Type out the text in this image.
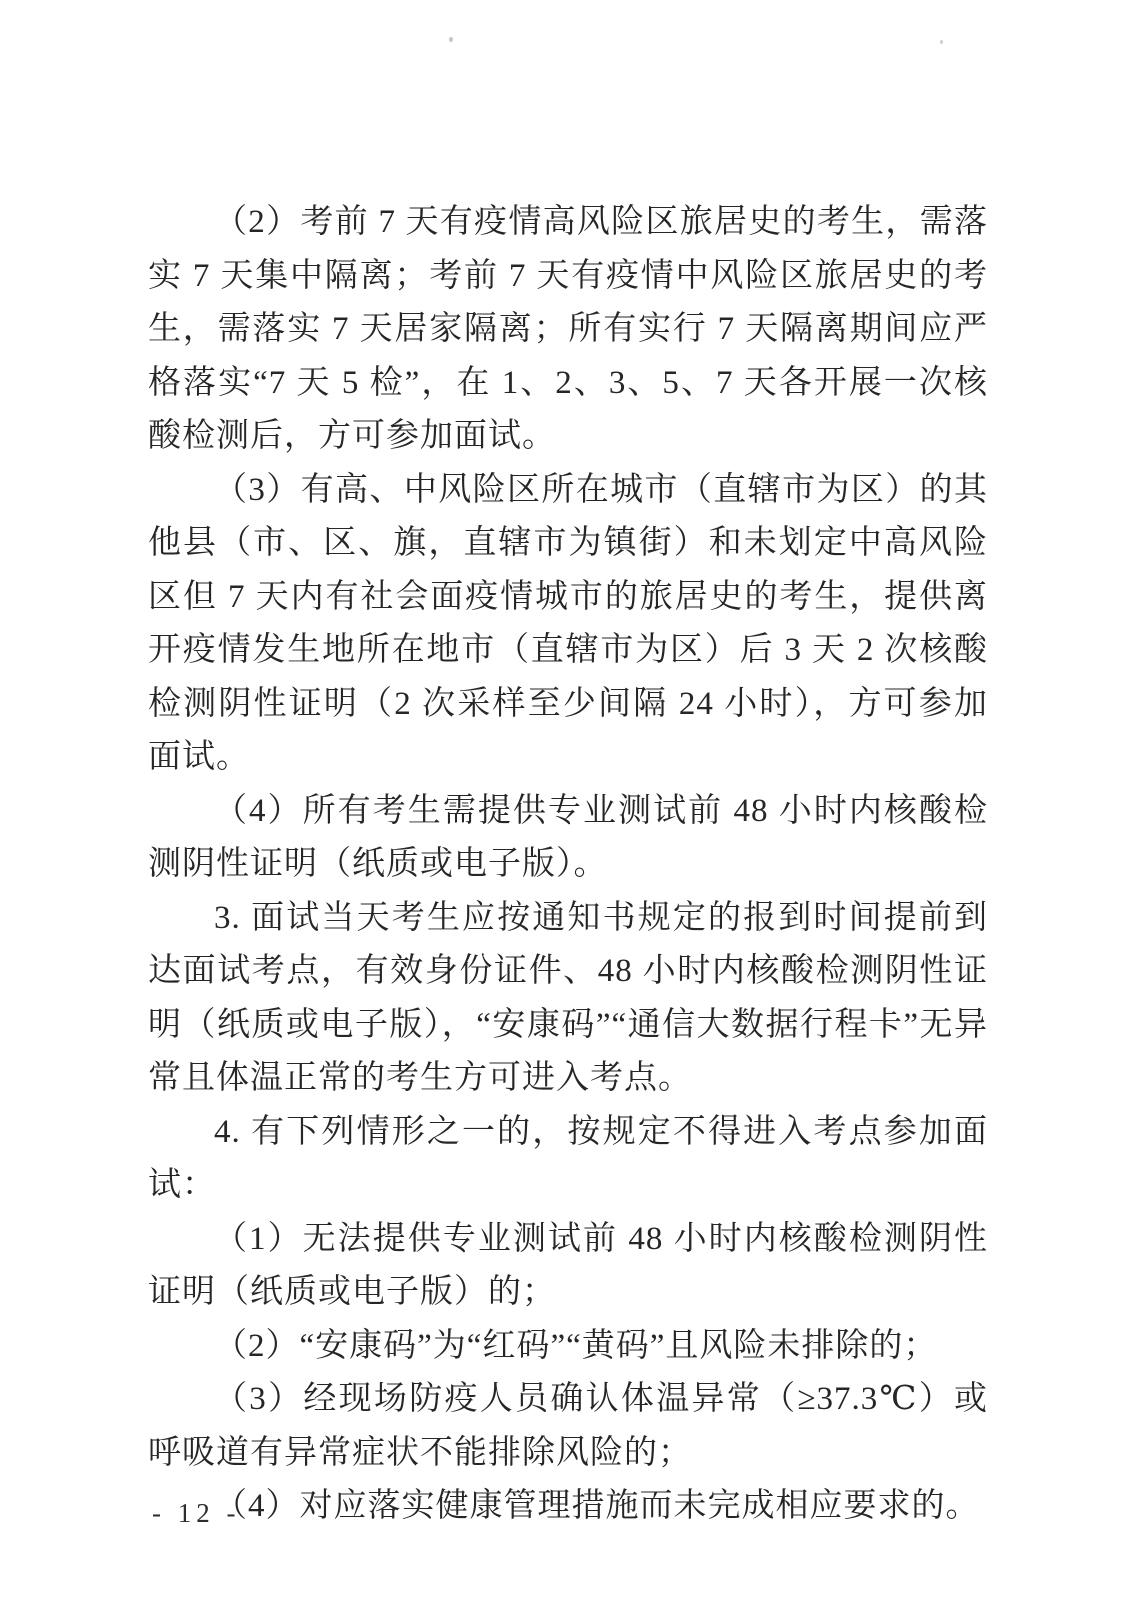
（2）考前 7 天有疫情高风险区旅居史的考生，需落实 7 天集中隔离；考前 7 天有疫情中风险区旅居史的考生，需落实 7 天居家隔离；所有实行 7 天隔离期间应严格落实“7 天 5 检”，在 1、2、3、5、7 天各开展一次核酸检测后，方可参加面试。

（3）有高、中风险区所在城市（直辖市为区）的其他县（市、区、旗，直辖市为镇街）和未划定中高风险区但 7 天内有社会面疫情城市的旅居史的考生，提供离开疫情发生地所在地市（直辖市为区）后 3 天 2 次核酸检测阴性证明（2 次采样至少间隔 24 小时），方可参加面试。

（4）所有考生需提供专业测试前 48 小时内核酸检测阴性证明（纸质或电子版）。

3. 面试当天考生应按通知书规定的报到时间提前到达面试考点，有效身份证件、48 小时内核酸检测阴性证明（纸质或电子版），“安康码”“通信大数据行程卡”无异常且体温正常的考生方可进入考点。

4. 有下列情形之一的，按规定不得进入考点参加面试：

（1）无法提供专业测试前 48 小时内核酸检测阴性证明（纸质或电子版）的；

（2）“安康码”为“红码”“黄码”且风险未排除的；

（3）经现场防疫人员确认体温异常（≥37.3℃）或呼吸道有异常症状不能排除风险的；

（4）对应落实健康管理措施而未完成相应要求的。

- 12 -
